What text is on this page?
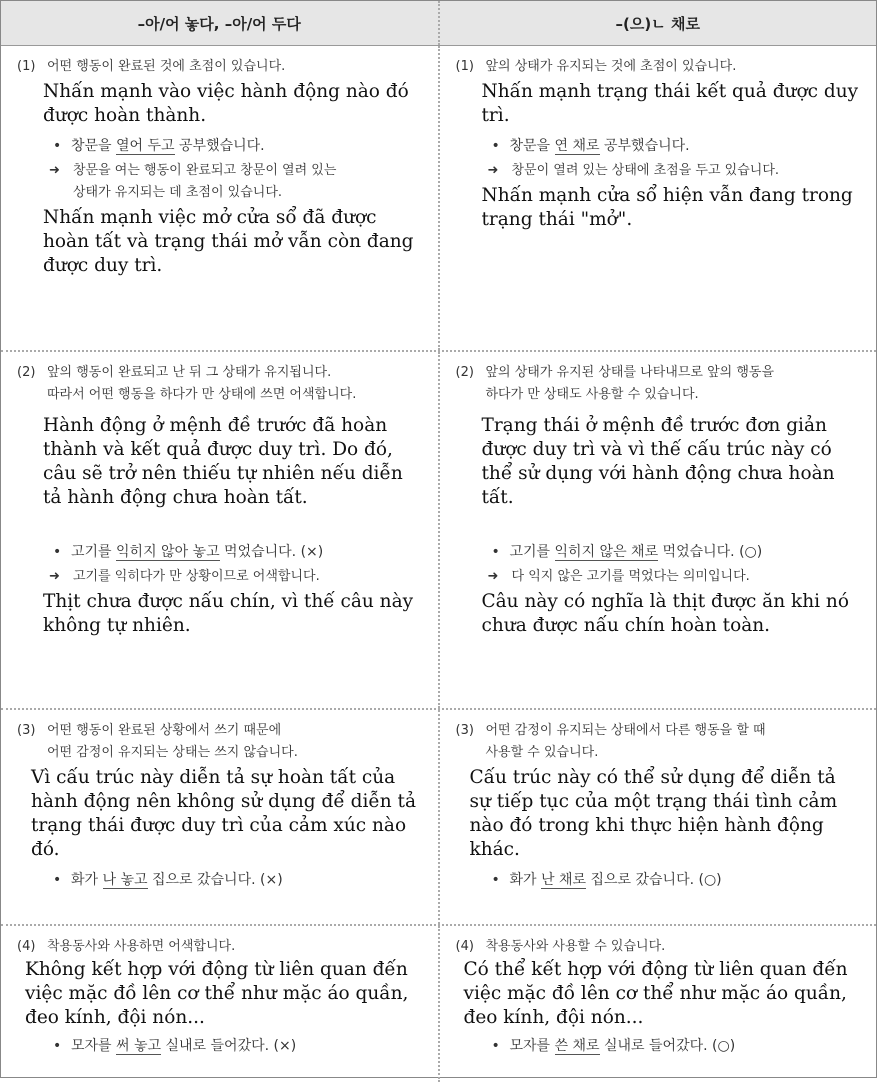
–아/어 놓다, –아/어 두다	–(으)ㄴ 채로
(1) 어떤 행동이 완료된 것에 초점이 있습니다.
Nhấn mạnh vào việc hành động nào đó được hoàn thành.
• 창문을 열어 두고 공부했습니다.
➜ 창문을 여는 행동이 완료되고 창문이 열려 있는
상태가 유지되는 데 초점이 있습니다.
Nhấn mạnh việc mở cửa sổ đã được hoàn tất và trạng thái mở vẫn còn đang được duy trì.
(1) 앞의 상태가 유지되는 것에 초점이 있습니다.
Nhấn mạnh trạng thái kết quả được duy trì.
• 창문을 연 채로 공부했습니다.
➜ 창문이 열려 있는 상태에 초점을 두고 있습니다.
Nhấn mạnh cửa sổ hiện vẫn đang trong trạng thái "mở".
(2) 앞의 행동이 완료되고 난 뒤 그 상태가 유지됩니다.
따라서 어떤 행동을 하다가 만 상태에 쓰면 어색합니다.
Hành động ở mệnh đề trước đã hoàn thành và kết quả được duy trì. Do đó, câu sẽ trở nên thiếu tự nhiên nếu diễn tả hành động chưa hoàn tất.
• 고기를 익히지 않아 놓고 먹었습니다. (×)
➜ 고기를 익히다가 만 상황이므로 어색합니다.
Thịt chưa được nấu chín, vì thế câu này không tự nhiên.
(2) 앞의 상태가 유지된 상태를 나타내므로 앞의 행동을
하다가 만 상태도 사용할 수 있습니다.
Trạng thái ở mệnh đề trước đơn giản được duy trì và vì thế cấu trúc này có thể sử dụng với hành động chưa hoàn tất.
• 고기를 익히지 않은 채로 먹었습니다. (○)
➜ 다 익지 않은 고기를 먹었다는 의미입니다.
Câu này có nghĩa là thịt được ăn khi nó chưa được nấu chín hoàn toàn.
(3) 어떤 행동이 완료된 상황에서 쓰기 때문에
어떤 감정이 유지되는 상태는 쓰지 않습니다.
Vì cấu trúc này diễn tả sự hoàn tất của hành động nên không sử dụng để diễn tả trạng thái được duy trì của cảm xúc nào đó.
• 화가 나 놓고 집으로 갔습니다. (×)
(3) 어떤 감정이 유지되는 상태에서 다른 행동을 할 때
사용할 수 있습니다.
Cấu trúc này có thể sử dụng để diễn tả sự tiếp tục của một trạng thái tình cảm nào đó trong khi thực hiện hành động khác.
• 화가 난 채로 집으로 갔습니다. (○)
(4) 착용동사와 사용하면 어색합니다.
Không kết hợp với động từ liên quan đến việc mặc đồ lên cơ thể như mặc áo quần, đeo kính, đội nón...
• 모자를 써 놓고 실내로 들어갔다. (×)
(4) 착용동사와 사용할 수 있습니다.
Có thể kết hợp với động từ liên quan đến việc mặc đồ lên cơ thể như mặc áo quần, đeo kính, đội nón...
• 모자를 쓴 채로 실내로 들어갔다. (○)
